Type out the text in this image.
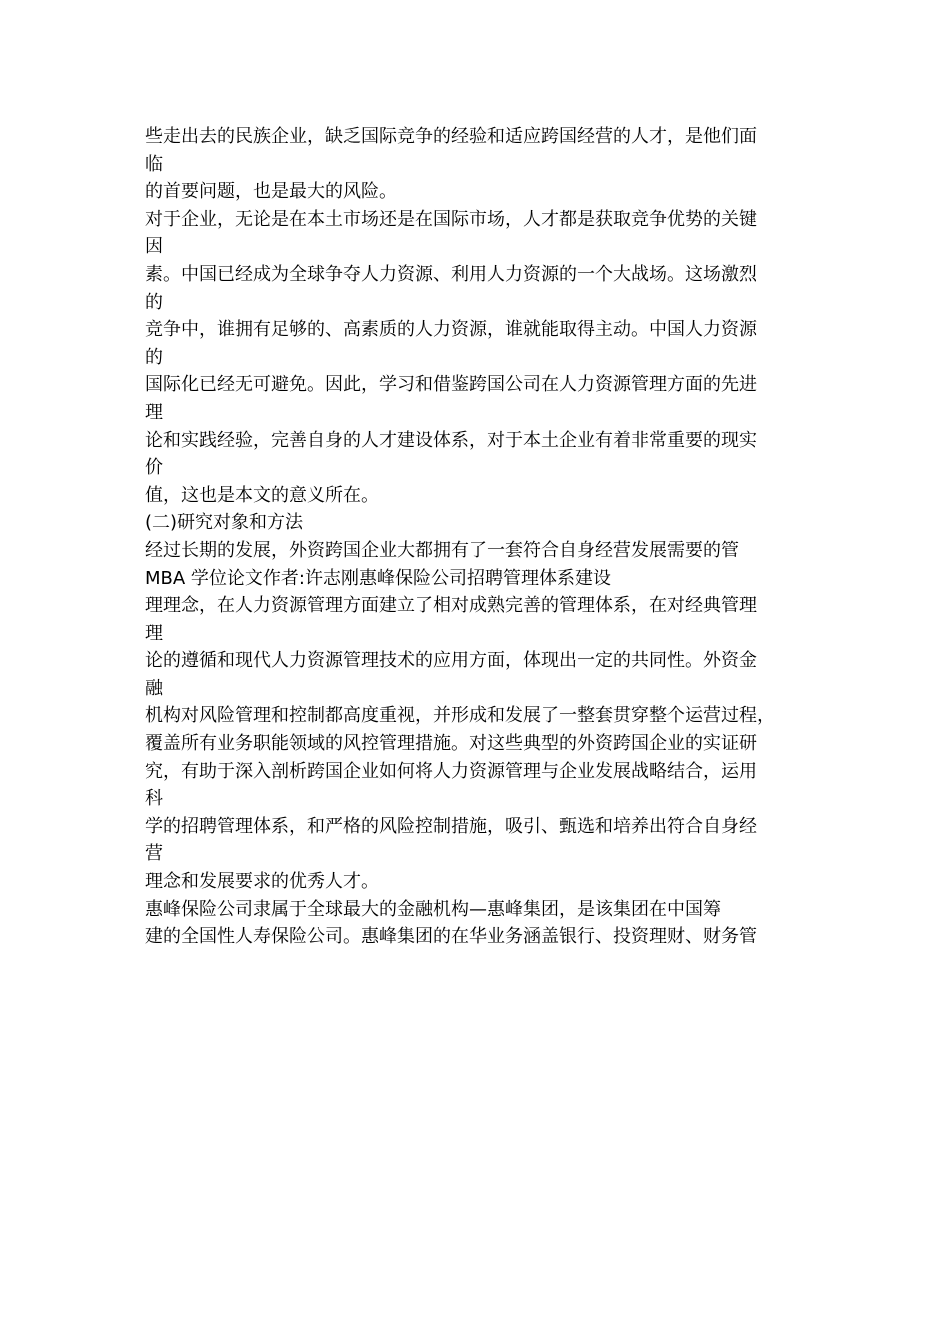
些走出去的民族企业，缺乏国际竞争的经验和适应跨国经营的人才，是他们面
临
的首要问题，也是最大的风险。
对于企业，无论是在本土市场还是在国际市场，人才都是获取竞争优势的关键
因
素。中国已经成为全球争夺人力资源、利用人力资源的一个大战场。这场激烈
的
竞争中，谁拥有足够的、高素质的人力资源，谁就能取得主动。中国人力资源
的
国际化已经无可避免。因此，学习和借鉴跨国公司在人力资源管理方面的先进
理
论和实践经验，完善自身的人才建设体系，对于本土企业有着非常重要的现实
价
值，这也是本文的意义所在。
(二)研究对象和方法
经过长期的发展，外资跨国企业大都拥有了一套符合自身经营发展需要的管
MBA 学位论文作者:许志刚惠峰保险公司招聘管理体系建设
理理念，在人力资源管理方面建立了相对成熟完善的管理体系，在对经典管理
理
论的遵循和现代人力资源管理技术的应用方面，体现出一定的共同性。外资金
融
机构对风险管理和控制都高度重视，并形成和发展了一整套贯穿整个运营过程，
覆盖所有业务职能领域的风控管理措施。对这些典型的外资跨国企业的实证研
究，有助于深入剖析跨国企业如何将人力资源管理与企业发展战略结合，运用
科
学的招聘管理体系，和严格的风险控制措施，吸引、甄选和培养出符合自身经
营
理念和发展要求的优秀人才。
惠峰保险公司隶属于全球最大的金融机构—惠峰集团，是该集团在中国筹
建的全国性人寿保险公司。惠峰集团的在华业务涵盖银行、投资理财、财务管
